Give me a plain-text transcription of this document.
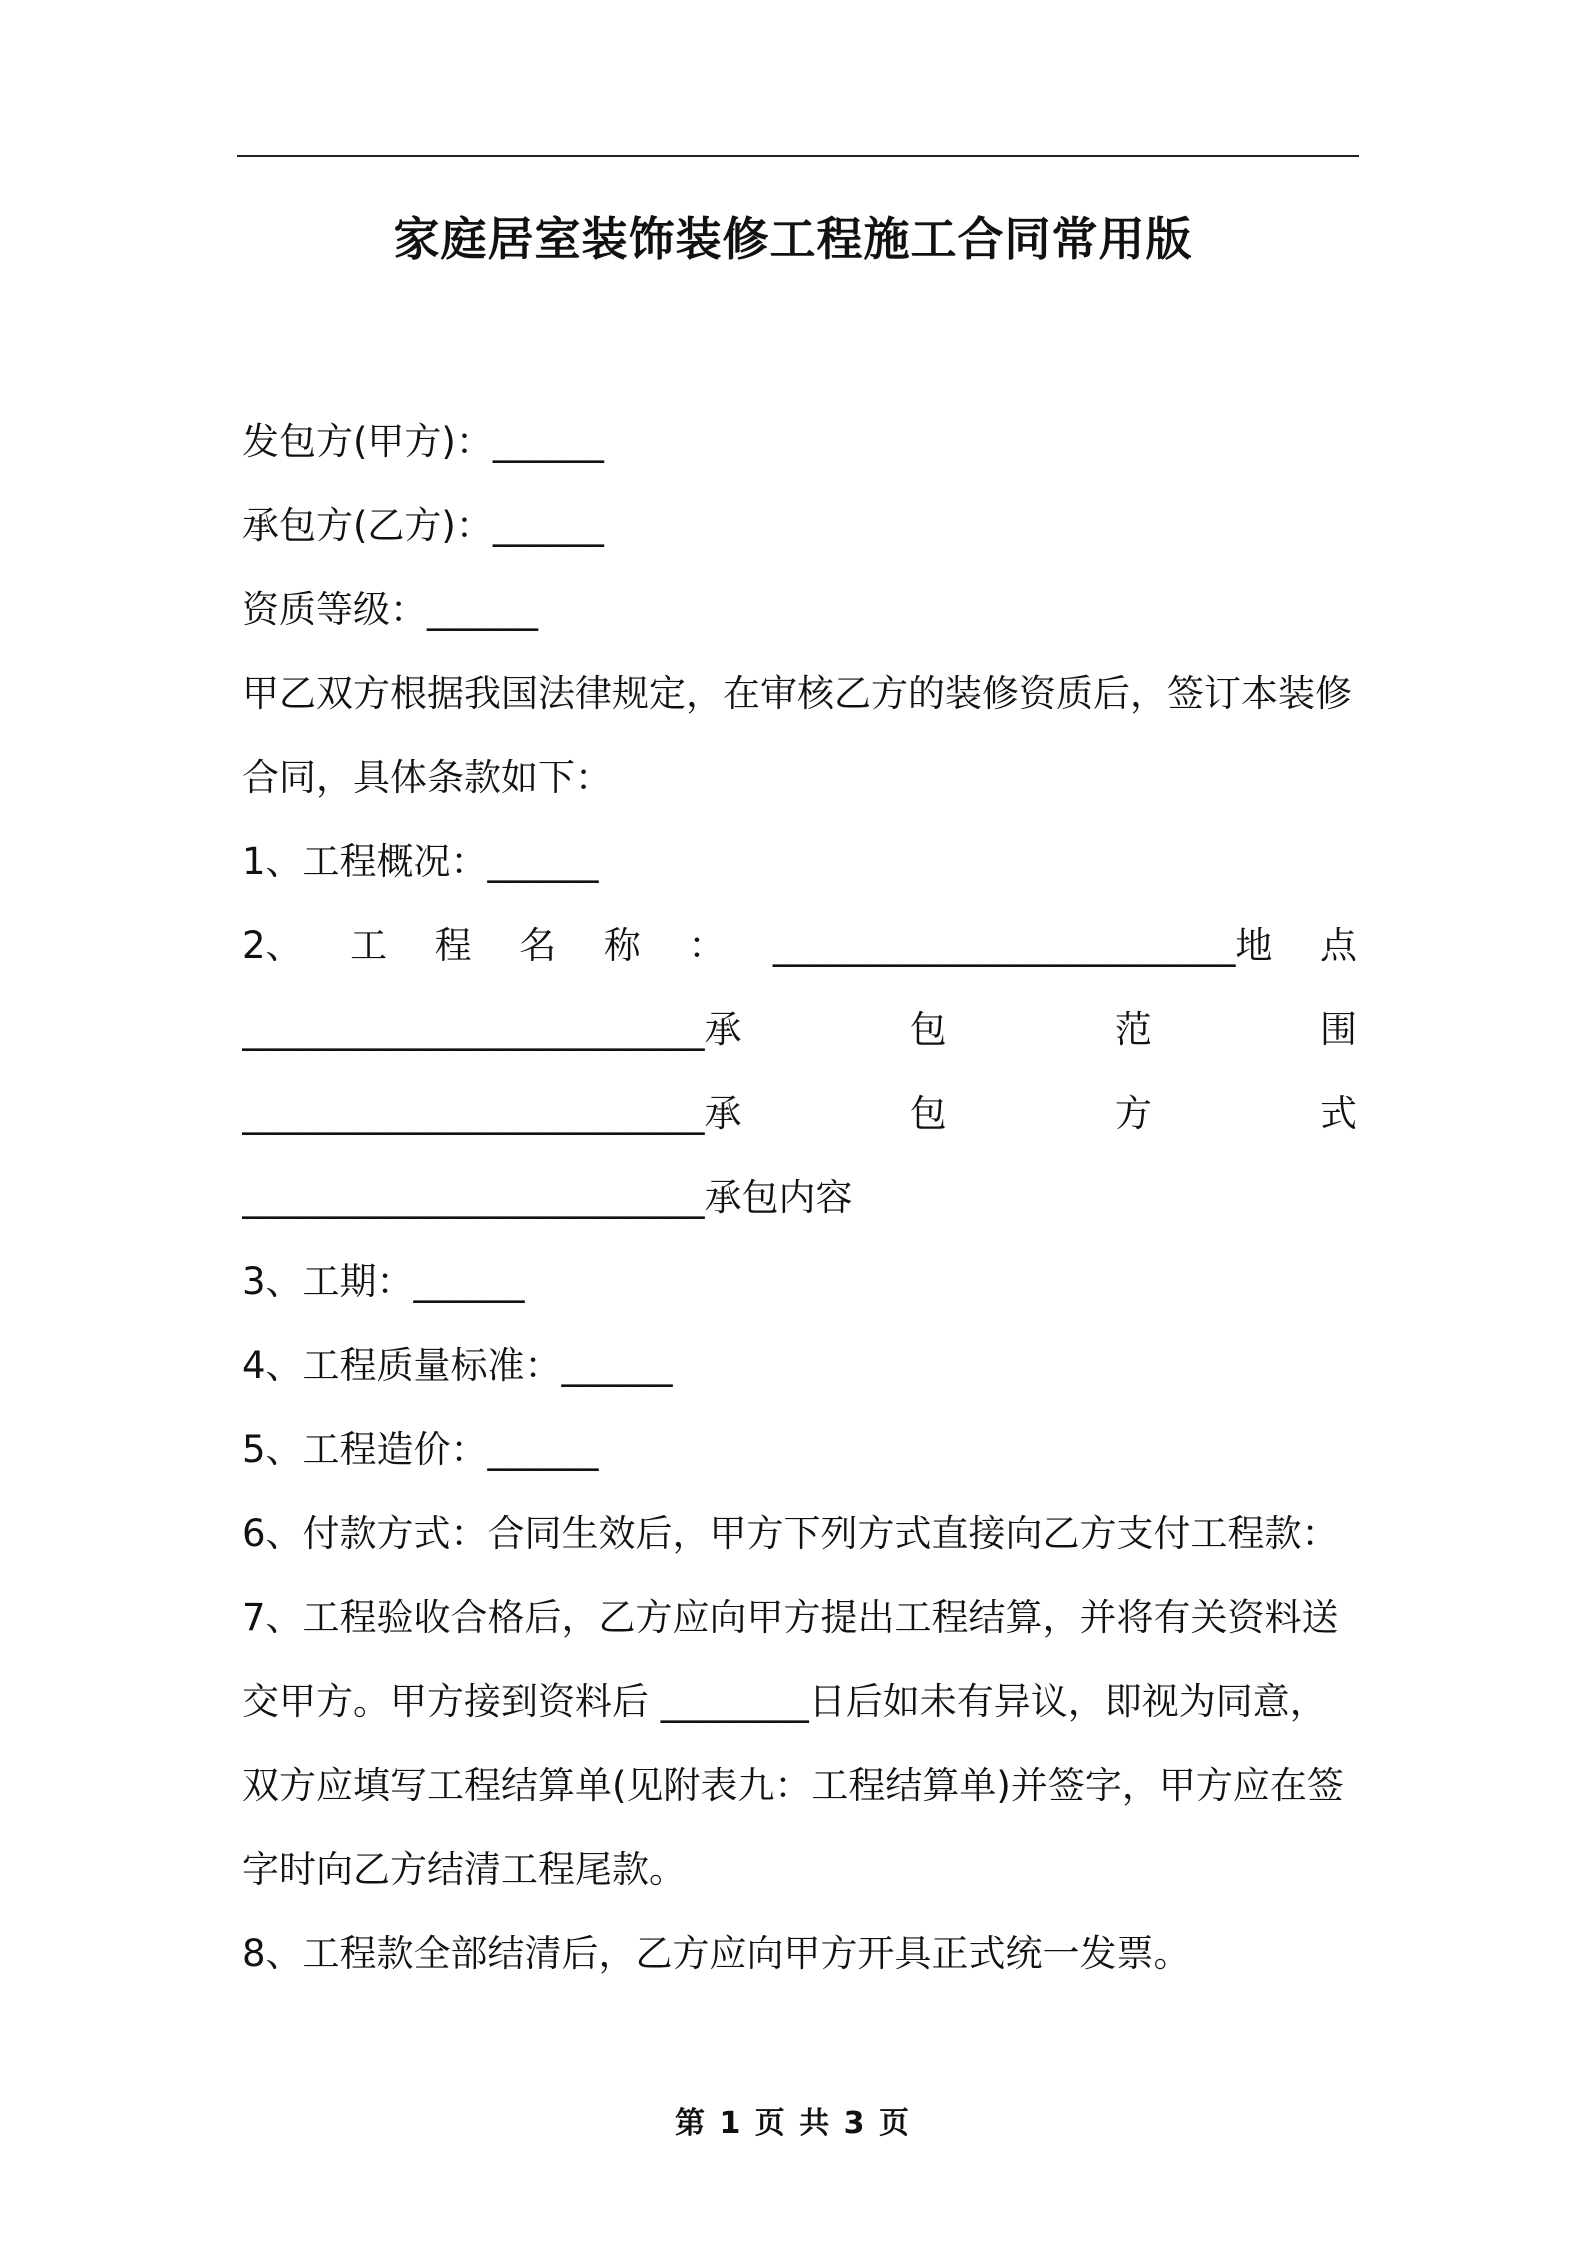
家庭居室装饰装修工程施工合同常用版
发包方(甲方)：______
承包方(乙方)：______
资质等级：______
甲乙双方根据我国法律规定，在审核乙方的装修资质后，签订本装修
合同，具体条款如下：
1、工程概况：______
2、 工 程 名 称 ： _________________________地 点
_________________________承	包	范	围
_________________________承	包	方	式
_________________________承包内容
3、工期：______
4、工程质量标准：______
5、工程造价：______
6、付款方式：合同生效后，甲方下列方式直接向乙方支付工程款：
7、工程验收合格后，乙方应向甲方提出工程结算，并将有关资料送
交甲方。甲方接到资料后 ________日后如未有异议，即视为同意，
双方应填写工程结算单(见附表九：工程结算单)并签字，甲方应在签
字时向乙方结清工程尾款。
8、工程款全部结清后，乙方应向甲方开具正式统一发票。
第 1 页 共 3 页
